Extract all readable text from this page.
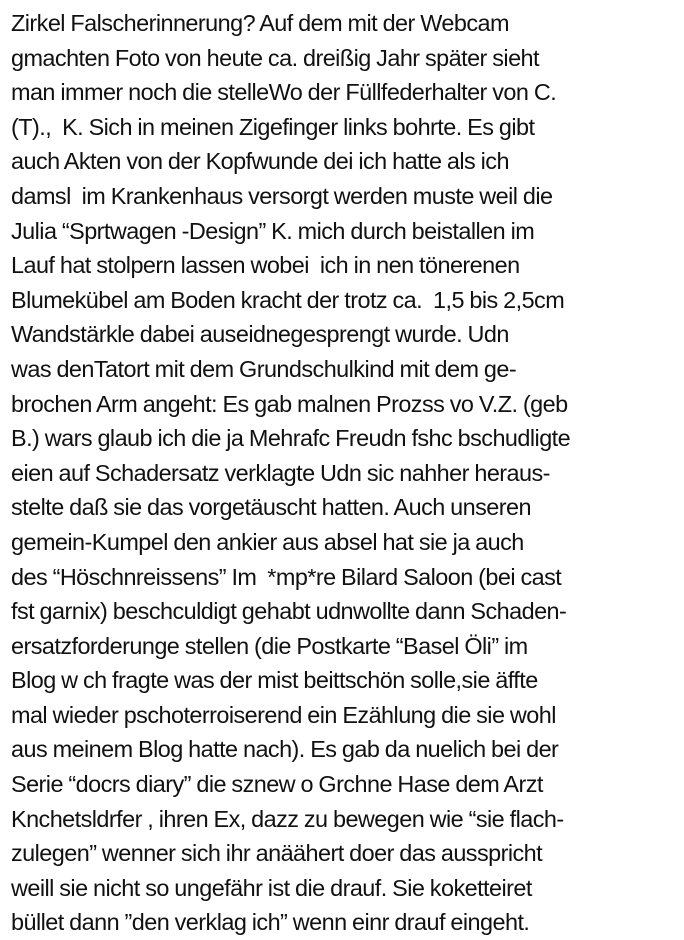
Zirkel Falscherinnerung? Auf dem mit der Webcam
gmachten Foto von heute ca. dreißig Jahr später sieht
man immer noch die stelleWo der Füllfederhalter von C.
(T).,  K. Sich in meinen Zigefinger links bohrte. Es gibt
auch Akten von der Kopfwunde dei ich hatte als ich
damsl  im Krankenhaus versorgt werden muste weil die
Julia “Sprtwagen -Design” K. mich durch beistallen im
Lauf hat stolpern lassen wobei  ich in nen tönerenen
Blumekübel am Boden kracht der trotz ca.  1,5 bis 2,5cm
Wandstärkle dabei auseidnegesprengt wurde. Udn
was denTatort mit dem Grundschulkind mit dem ge-
brochen Arm angeht: Es gab malnen Prozss vo V.Z. (geb
B.) wars glaub ich die ja Mehrafc Freudn fshc bschudligte
eien auf Schadersatz verklagte Udn sic nahher heraus-
stelte daß sie das vorgetäuscht hatten. Auch unseren
gemein-Kumpel den ankier aus absel hat sie ja auch
des “Höschnreissens” Im  *mp*re Bilard Saloon (bei cast
fst garnix) beschculdigt gehabt udnwollte dann Schaden-
ersatzforderunge stellen (die Postkarte “Basel Öli” im
Blog w ch fragte was der mist beittschön solle,sie äffte
mal wieder pschoterroiserend ein Ezählung die sie wohl
aus meinem Blog hatte nach). Es gab da nuelich bei der
Serie “docrs diary” die sznew o Grchne Hase dem Arzt
Knchetsldrfer , ihren Ex, dazz zu bewegen wie “sie flach-
zulegen” wenner sich ihr anäähert doer das ausspricht
weill sie nicht so ungefähr ist die drauf. Sie koketteiret
büllet dann ”den verklag ich” wenn einr drauf eingeht.
